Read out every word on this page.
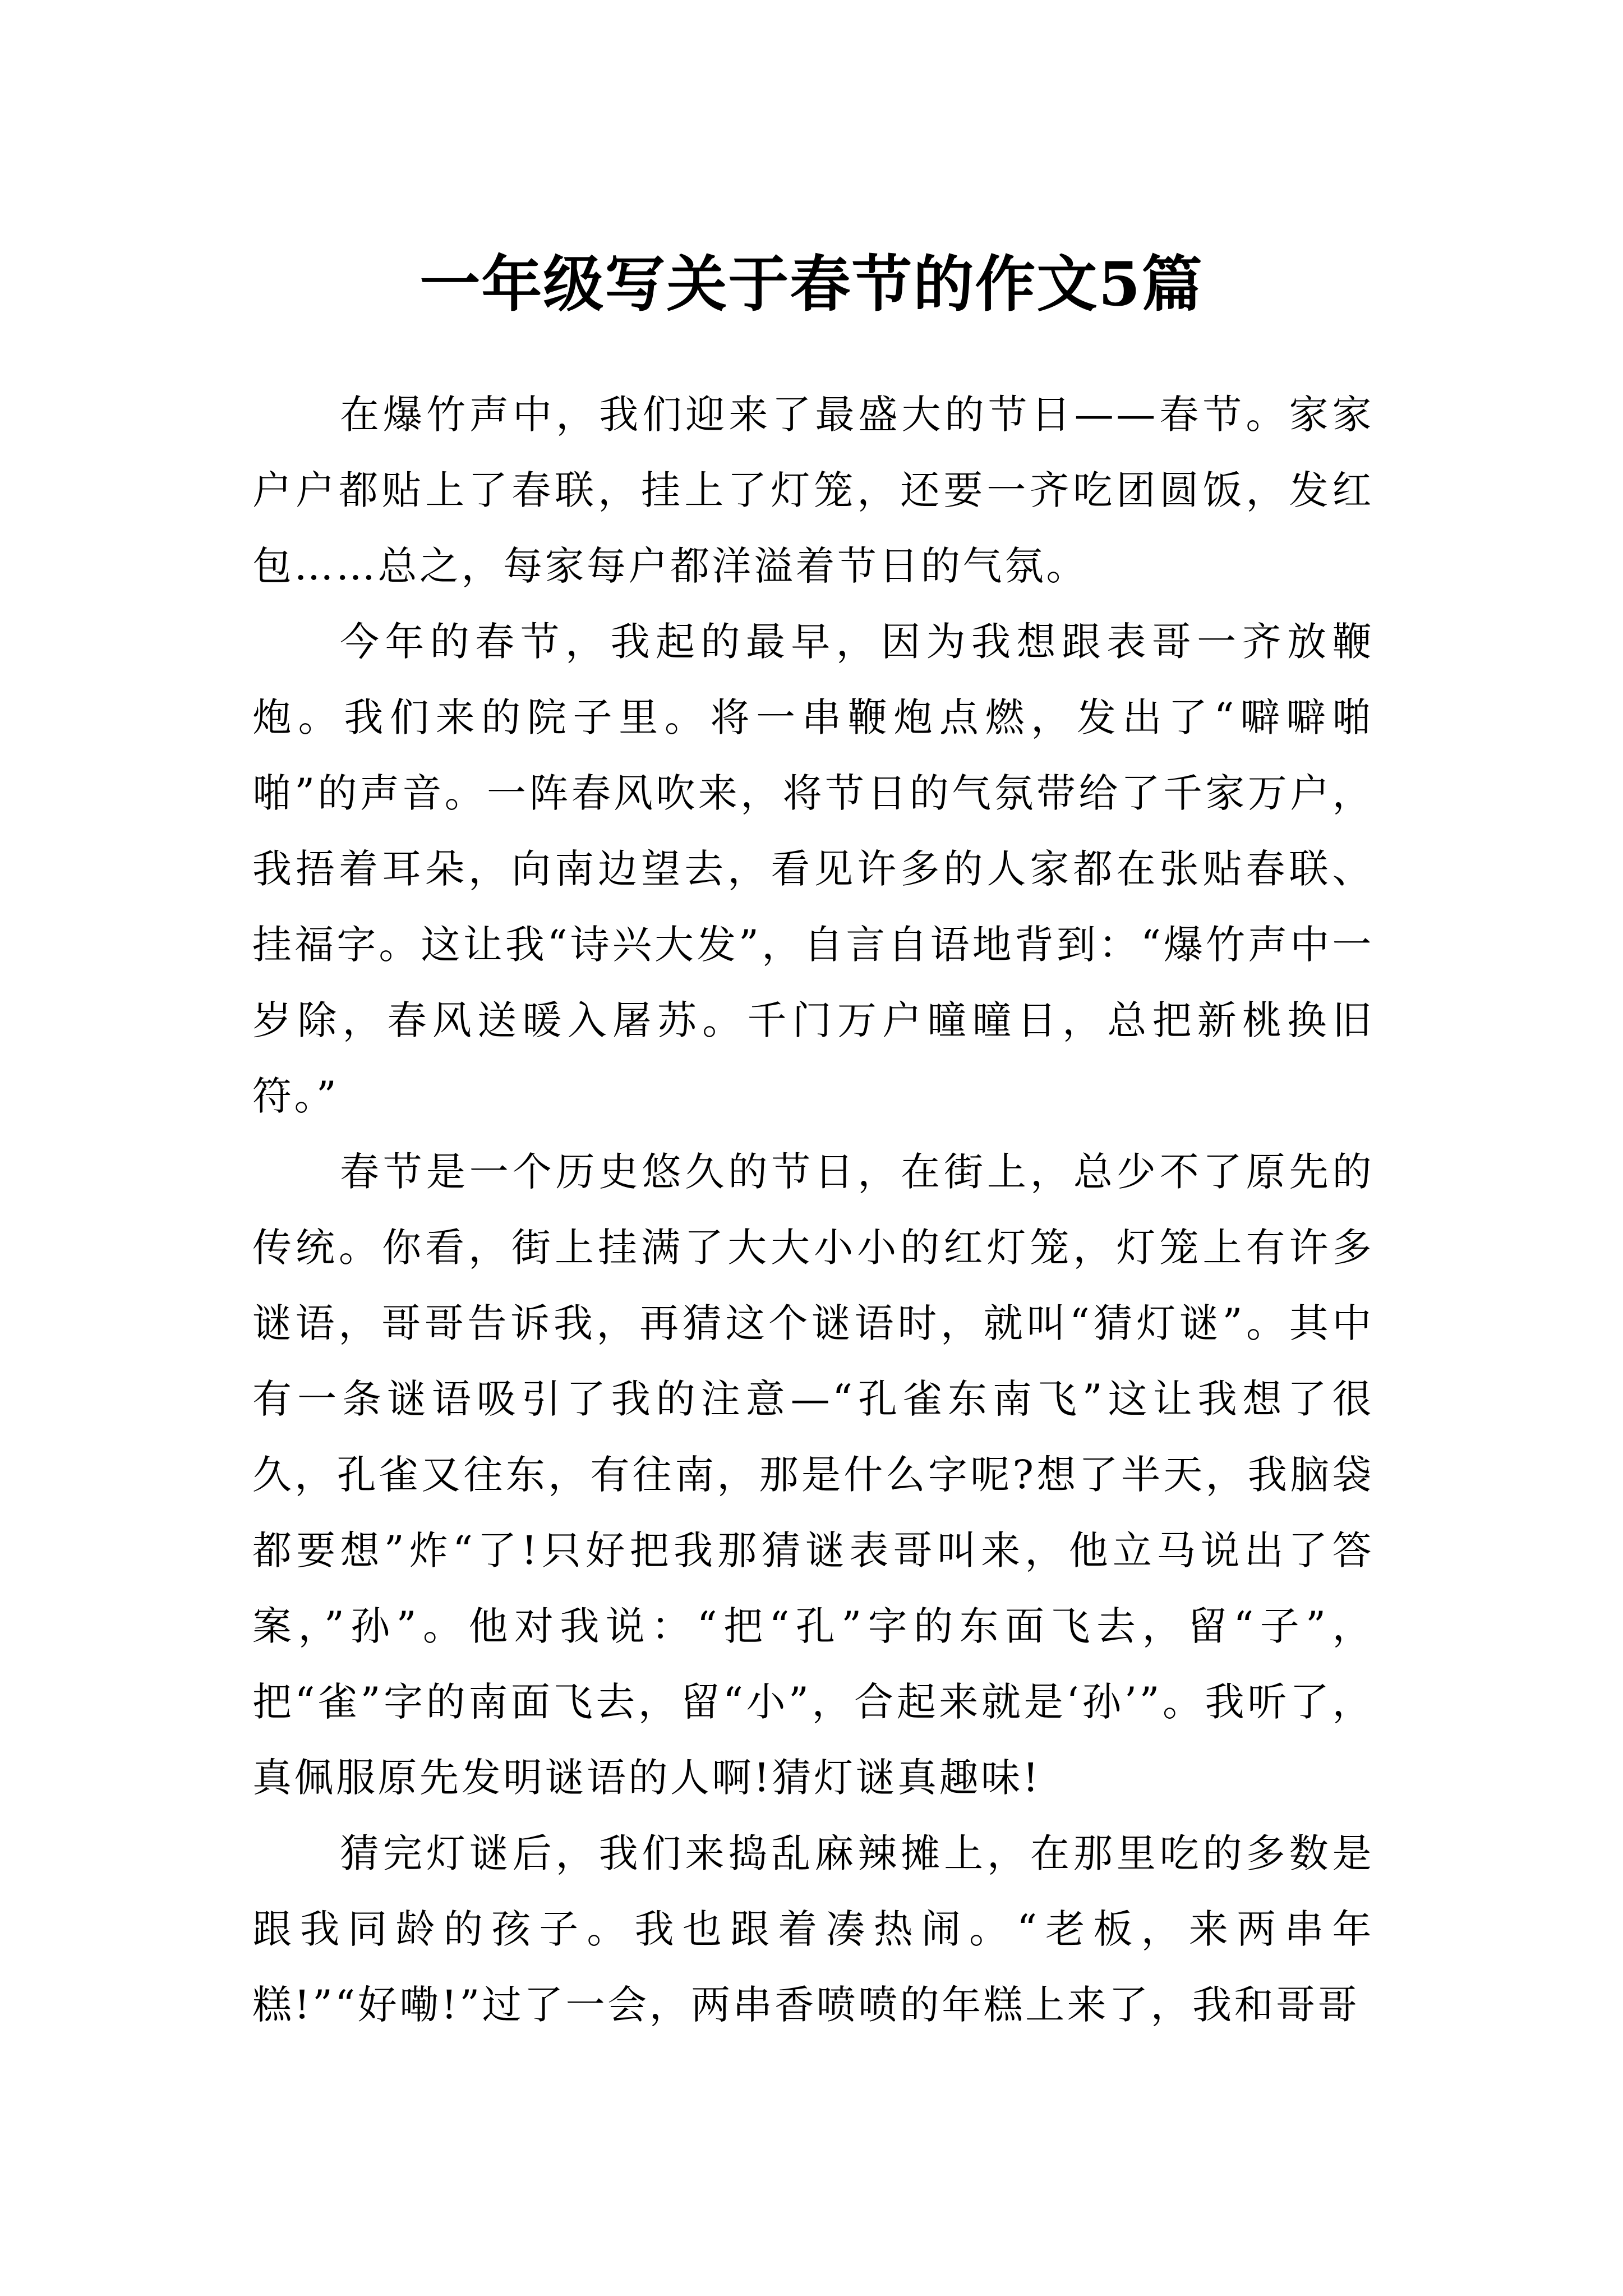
一年级写关于春节的作文5篇

在爆竹声中，我们迎来了最盛大的节日——春节。家家户户都贴上了春联，挂上了灯笼，还要一齐吃团圆饭，发红包……总之，每家每户都洋溢着节日的气氛。

今年的春节，我起的最早，因为我想跟表哥一齐放鞭炮。我们来的院子里。将一串鞭炮点燃，发出了“噼噼啪啪”的声音。一阵春风吹来，将节日的气氛带给了千家万户，我捂着耳朵，向南边望去，看见许多的人家都在张贴春联、挂福字。这让我“诗兴大发”，自言自语地背到：“爆竹声中一岁除，春风送暖入屠苏。千门万户曈曈日，总把新桃换旧符。”

春节是一个历史悠久的节日，在街上，总少不了原先的传统。你看，街上挂满了大大小小的红灯笼，灯笼上有许多谜语，哥哥告诉我，再猜这个谜语时，就叫“猜灯谜”。其中有一条谜语吸引了我的注意—“孔雀东南飞”这让我想了很久，孔雀又往东，有往南，那是什么字呢?想了半天，我脑袋都要想”炸“了!只好把我那猜谜表哥叫来，他立马说出了答案，”孙”。他对我说：“把“孔”字的东面飞去，留“子”，把“雀”字的南面飞去，留“小”，合起来就是‘孙’”。我听了，真佩服原先发明谜语的人啊!猜灯谜真趣味!

猜完灯谜后，我们来捣乱麻辣摊上，在那里吃的多数是跟我同龄的孩子。我也跟着凑热闹。“老板，来两串年糕!”“好嘞!”过了一会，两串香喷喷的年糕上来了，我和哥哥
